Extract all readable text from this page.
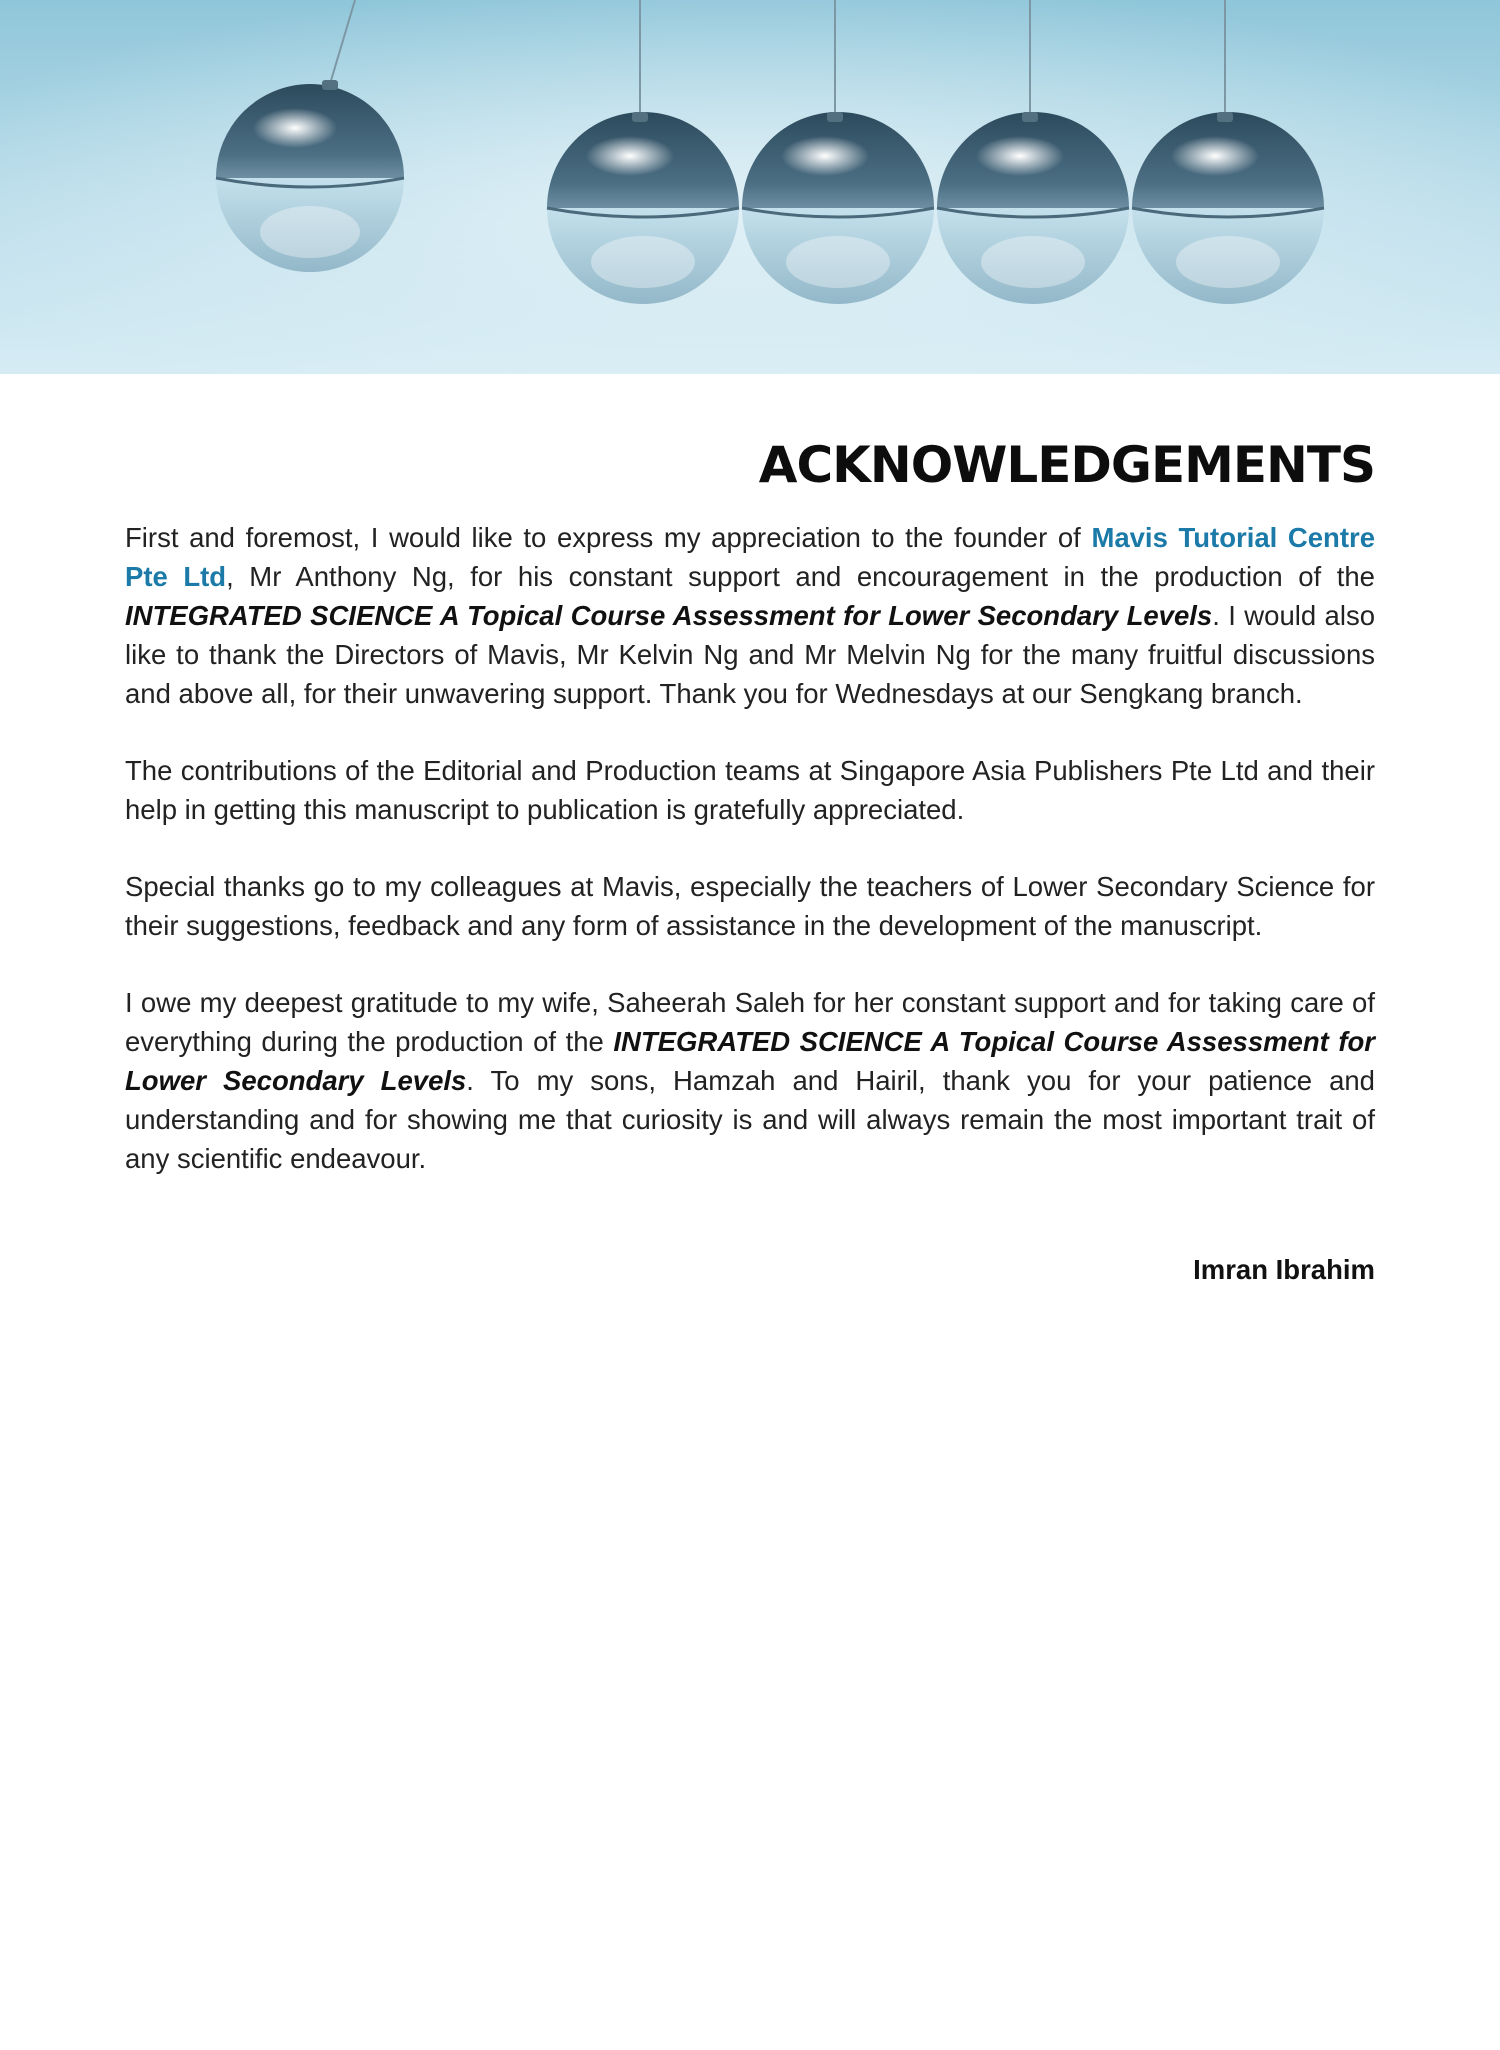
ACKNOWLEDGEMENTS

First and foremost, I would like to express my appreciation to the founder of Mavis Tutorial Centre Pte Ltd, Mr Anthony Ng, for his constant support and encouragement in the production of the INTEGRATED SCIENCE A Topical Course Assessment for Lower Secondary Levels. I would also like to thank the Directors of Mavis, Mr Kelvin Ng and Mr Melvin Ng for the many fruitful discussions and above all, for their unwavering support. Thank you for Wednesdays at our Sengkang branch.

The contributions of the Editorial and Production teams at Singapore Asia Publishers Pte Ltd and their help in getting this manuscript to publication is gratefully appreciated.

Special thanks go to my colleagues at Mavis, especially the teachers of Lower Secondary Science for their suggestions, feedback and any form of assistance in the development of the manuscript.

I owe my deepest gratitude to my wife, Saheerah Saleh for her constant support and for taking care of everything during the production of the INTEGRATED SCIENCE A Topical Course Assessment for Lower Secondary Levels. To my sons, Hamzah and Hairil, thank you for your patience and understanding and for showing me that curiosity is and will always remain the most important trait of any scientific endeavour.

Imran Ibrahim
